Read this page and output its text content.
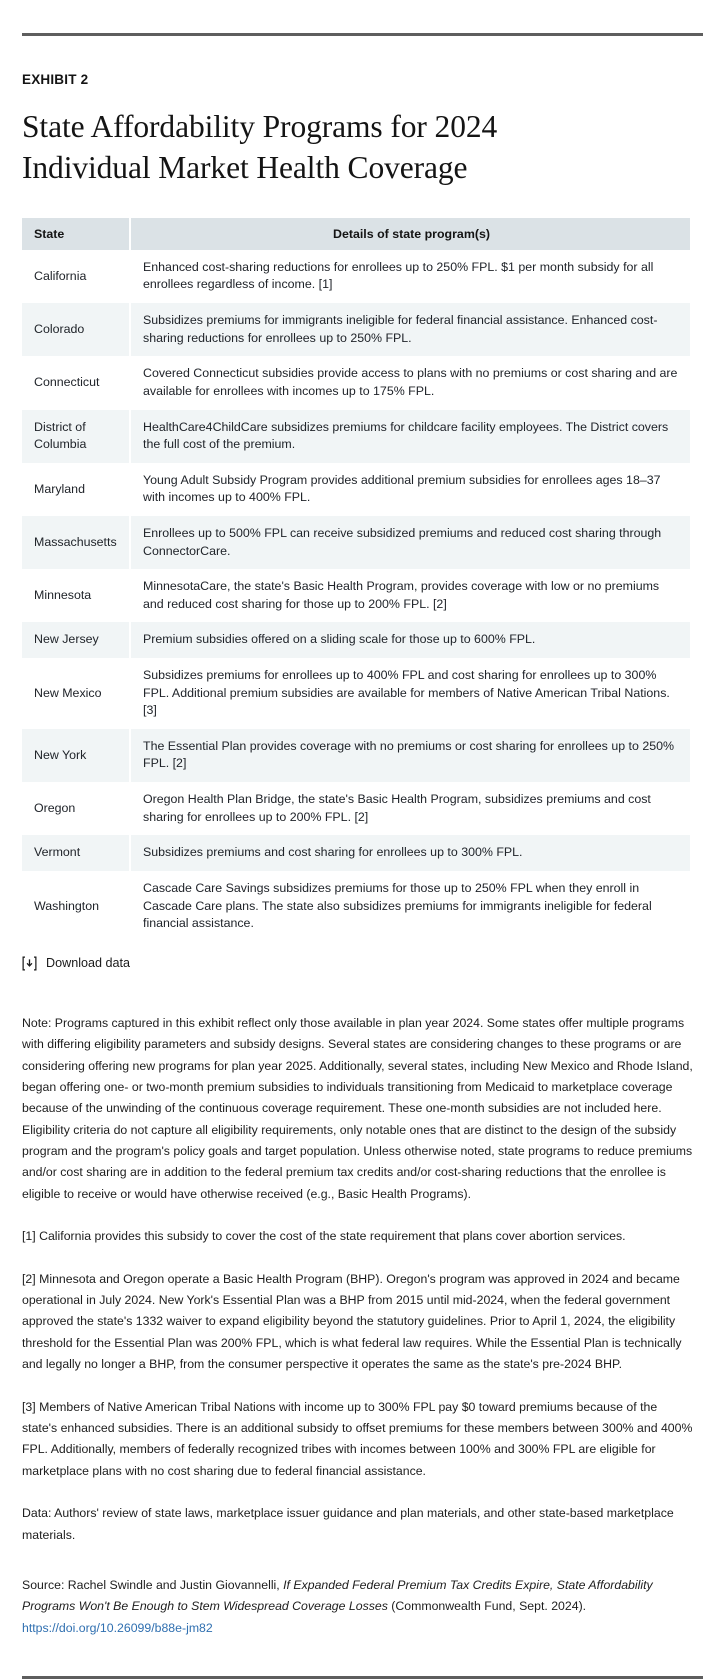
EXHIBIT 2
State Affordability Programs for 2024 Individual Market Health Coverage
State	Details of state program(s)
California	Enhanced cost-sharing reductions for enrollees up to 250% FPL. $1 per month subsidy for all enrollees regardless of income. [1]
Colorado	Subsidizes premiums for immigrants ineligible for federal financial assistance. Enhanced cost-sharing reductions for enrollees up to 250% FPL.
Connecticut	Covered Connecticut subsidies provide access to plans with no premiums or cost sharing and are available for enrollees with incomes up to 175% FPL.
District of Columbia	HealthCare4ChildCare subsidizes premiums for childcare facility employees. The District covers the full cost of the premium.
Maryland	Young Adult Subsidy Program provides additional premium subsidies for enrollees ages 18–37 with incomes up to 400% FPL.
Massachusetts	Enrollees up to 500% FPL can receive subsidized premiums and reduced cost sharing through ConnectorCare.
Minnesota	MinnesotaCare, the state's Basic Health Program, provides coverage with low or no premiums and reduced cost sharing for those up to 200% FPL. [2]
New Jersey	Premium subsidies offered on a sliding scale for those up to 600% FPL.
New Mexico	Subsidizes premiums for enrollees up to 400% FPL and cost sharing for enrollees up to 300% FPL. Additional premium subsidies are available for members of Native American Tribal Nations. [3]
New York	The Essential Plan provides coverage with no premiums or cost sharing for enrollees up to 250% FPL. [2]
Oregon	Oregon Health Plan Bridge, the state's Basic Health Program, subsidizes premiums and cost sharing for enrollees up to 200% FPL. [2]
Vermont	Subsidizes premiums and cost sharing for enrollees up to 300% FPL.
Washington	Cascade Care Savings subsidizes premiums for those up to 250% FPL when they enroll in Cascade Care plans. The state also subsidizes premiums for immigrants ineligible for federal financial assistance.
Download data

Note: Programs captured in this exhibit reflect only those available in plan year 2024. Some states offer multiple programs with differing eligibility parameters and subsidy designs. Several states are considering changes to these programs or are considering offering new programs for plan year 2025. Additionally, several states, including New Mexico and Rhode Island, began offering one- or two-month premium subsidies to individuals transitioning from Medicaid to marketplace coverage because of the unwinding of the continuous coverage requirement. These one-month subsidies are not included here. Eligibility criteria do not capture all eligibility requirements, only notable ones that are distinct to the design of the subsidy program and the program's policy goals and target population. Unless otherwise noted, state programs to reduce premiums and/or cost sharing are in addition to the federal premium tax credits and/or cost-sharing reductions that the enrollee is eligible to receive or would have otherwise received (e.g., Basic Health Programs).

[1] California provides this subsidy to cover the cost of the state requirement that plans cover abortion services.

[2] Minnesota and Oregon operate a Basic Health Program (BHP). Oregon's program was approved in 2024 and became operational in July 2024. New York's Essential Plan was a BHP from 2015 until mid-2024, when the federal government approved the state's 1332 waiver to expand eligibility beyond the statutory guidelines. Prior to April 1, 2024, the eligibility threshold for the Essential Plan was 200% FPL, which is what federal law requires. While the Essential Plan is technically and legally no longer a BHP, from the consumer perspective it operates the same as the state's pre-2024 BHP.

[3] Members of Native American Tribal Nations with income up to 300% FPL pay $0 toward premiums because of the state's enhanced subsidies. There is an additional subsidy to offset premiums for these members between 300% and 400% FPL. Additionally, members of federally recognized tribes with incomes between 100% and 300% FPL are eligible for marketplace plans with no cost sharing due to federal financial assistance.

Data: Authors' review of state laws, marketplace issuer guidance and plan materials, and other state-based marketplace materials.

Source: Rachel Swindle and Justin Giovannelli, If Expanded Federal Premium Tax Credits Expire, State Affordability Programs Won't Be Enough to Stem Widespread Coverage Losses (Commonwealth Fund, Sept. 2024). https://doi.org/10.26099/b88e-jm82
